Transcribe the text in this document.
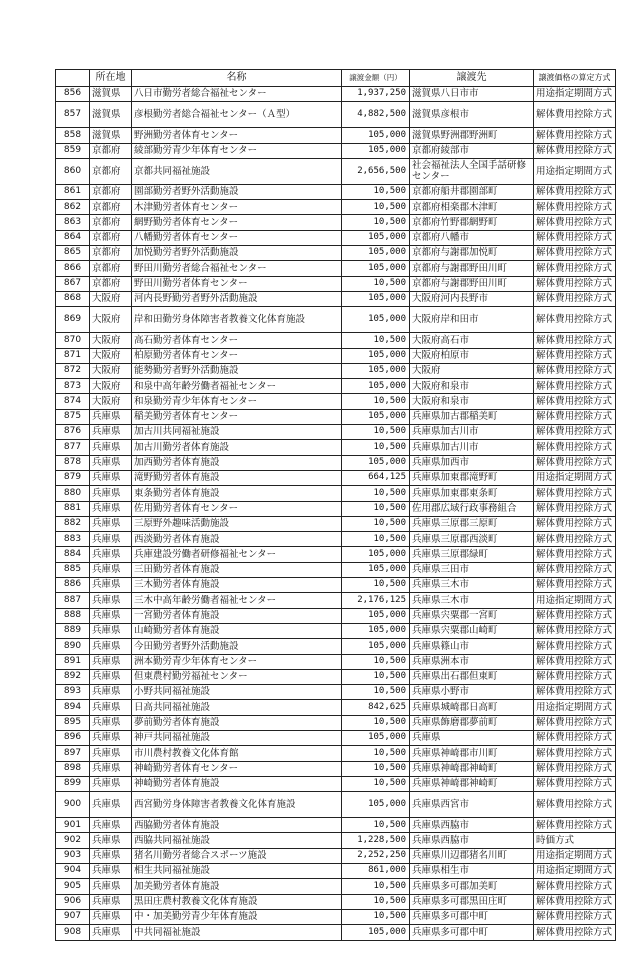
	所在地	名称	譲渡金額（円）	譲渡先	譲渡価格の算定方式
856	滋賀県	八日市勤労者総合福祉センター	1,937,250	滋賀県八日市市	用途指定期間方式
857	滋賀県	彦根勤労者総合福祉センター（Ａ型）	4,882,500	滋賀県彦根市	解体費用控除方式
858	滋賀県	野洲勤労者体育センター	105,000	滋賀県野洲郡野洲町	解体費用控除方式
859	京都府	綾部勤労青少年体育センター	105,000	京都府綾部市	解体費用控除方式
860	京都府	京都共同福祉施設	2,656,500	社会福祉法人全国手話研修センター	用途指定期間方式
861	京都府	園部勤労者野外活動施設	10,500	京都府船井郡園部町	解体費用控除方式
862	京都府	木津勤労者体育センター	10,500	京都府相楽郡木津町	解体費用控除方式
863	京都府	網野勤労者体育センター	10,500	京都府竹野郡網野町	解体費用控除方式
864	京都府	八幡勤労者体育センター	105,000	京都府八幡市	解体費用控除方式
865	京都府	加悦勤労者野外活動施設	105,000	京都府与謝郡加悦町	解体費用控除方式
866	京都府	野田川勤労者総合福祉センター	105,000	京都府与謝郡野田川町	解体費用控除方式
867	京都府	野田川勤労者体育センター	10,500	京都府与謝郡野田川町	解体費用控除方式
868	大阪府	河内長野勤労者野外活動施設	105,000	大阪府河内長野市	解体費用控除方式
869	大阪府	岸和田勤労身体障害者教養文化体育施設	105,000	大阪府岸和田市	解体費用控除方式
870	大阪府	高石勤労者体育センター	10,500	大阪府高石市	解体費用控除方式
871	大阪府	柏原勤労者体育センター	105,000	大阪府柏原市	解体費用控除方式
872	大阪府	能勢勤労者野外活動施設	105,000	大阪府	解体費用控除方式
873	大阪府	和泉中高年齢労働者福祉センター	105,000	大阪府和泉市	解体費用控除方式
874	大阪府	和泉勤労青少年体育センター	10,500	大阪府和泉市	解体費用控除方式
875	兵庫県	稲美勤労者体育センター	105,000	兵庫県加古郡稲美町	解体費用控除方式
876	兵庫県	加古川共同福祉施設	10,500	兵庫県加古川市	解体費用控除方式
877	兵庫県	加古川勤労者体育施設	10,500	兵庫県加古川市	解体費用控除方式
878	兵庫県	加西勤労者体育施設	105,000	兵庫県加西市	解体費用控除方式
879	兵庫県	滝野勤労者体育施設	664,125	兵庫県加東郡滝野町	用途指定期間方式
880	兵庫県	東条勤労者体育施設	10,500	兵庫県加東郡東条町	解体費用控除方式
881	兵庫県	佐用勤労者体育センター	10,500	佐用郡広域行政事務組合	解体費用控除方式
882	兵庫県	三原野外趣味活動施設	10,500	兵庫県三原郡三原町	解体費用控除方式
883	兵庫県	西淡勤労者体育施設	10,500	兵庫県三原郡西淡町	解体費用控除方式
884	兵庫県	兵庫建設労働者研修福祉センター	105,000	兵庫県三原郡緑町	解体費用控除方式
885	兵庫県	三田勤労者体育施設	105,000	兵庫県三田市	解体費用控除方式
886	兵庫県	三木勤労者体育施設	10,500	兵庫県三木市	解体費用控除方式
887	兵庫県	三木中高年齢労働者福祉センター	2,176,125	兵庫県三木市	用途指定期間方式
888	兵庫県	一宮勤労者体育施設	105,000	兵庫県宍粟郡一宮町	解体費用控除方式
889	兵庫県	山崎勤労者体育施設	105,000	兵庫県宍粟郡山崎町	解体費用控除方式
890	兵庫県	今田勤労者野外活動施設	105,000	兵庫県篠山市	解体費用控除方式
891	兵庫県	洲本勤労青少年体育センター	10,500	兵庫県洲本市	解体費用控除方式
892	兵庫県	但東農村勤労福祉センター	10,500	兵庫県出石郡但東町	解体費用控除方式
893	兵庫県	小野共同福祉施設	10,500	兵庫県小野市	解体費用控除方式
894	兵庫県	日高共同福祉施設	842,625	兵庫県城崎郡日高町	用途指定期間方式
895	兵庫県	夢前勤労者体育施設	10,500	兵庫県飾磨郡夢前町	解体費用控除方式
896	兵庫県	神戸共同福祉施設	105,000	兵庫県	解体費用控除方式
897	兵庫県	市川農村教養文化体育館	10,500	兵庫県神崎郡市川町	解体費用控除方式
898	兵庫県	神崎勤労者体育センター	10,500	兵庫県神崎郡神崎町	解体費用控除方式
899	兵庫県	神崎勤労者体育施設	10,500	兵庫県神崎郡神崎町	解体費用控除方式
900	兵庫県	西宮勤労身体障害者教養文化体育施設	105,000	兵庫県西宮市	解体費用控除方式
901	兵庫県	西脇勤労者体育施設	10,500	兵庫県西脇市	解体費用控除方式
902	兵庫県	西脇共同福祉施設	1,228,500	兵庫県西脇市	時価方式
903	兵庫県	猪名川勤労者総合スポーツ施設	2,252,250	兵庫県川辺郡猪名川町	用途指定期間方式
904	兵庫県	相生共同福祉施設	861,000	兵庫県相生市	用途指定期間方式
905	兵庫県	加美勤労者体育施設	10,500	兵庫県多可郡加美町	解体費用控除方式
906	兵庫県	黒田庄農村教養文化体育施設	10,500	兵庫県多可郡黒田庄町	解体費用控除方式
907	兵庫県	中・加美勤労青少年体育施設	10,500	兵庫県多可郡中町	解体費用控除方式
908	兵庫県	中共同福祉施設	105,000	兵庫県多可郡中町	解体費用控除方式
